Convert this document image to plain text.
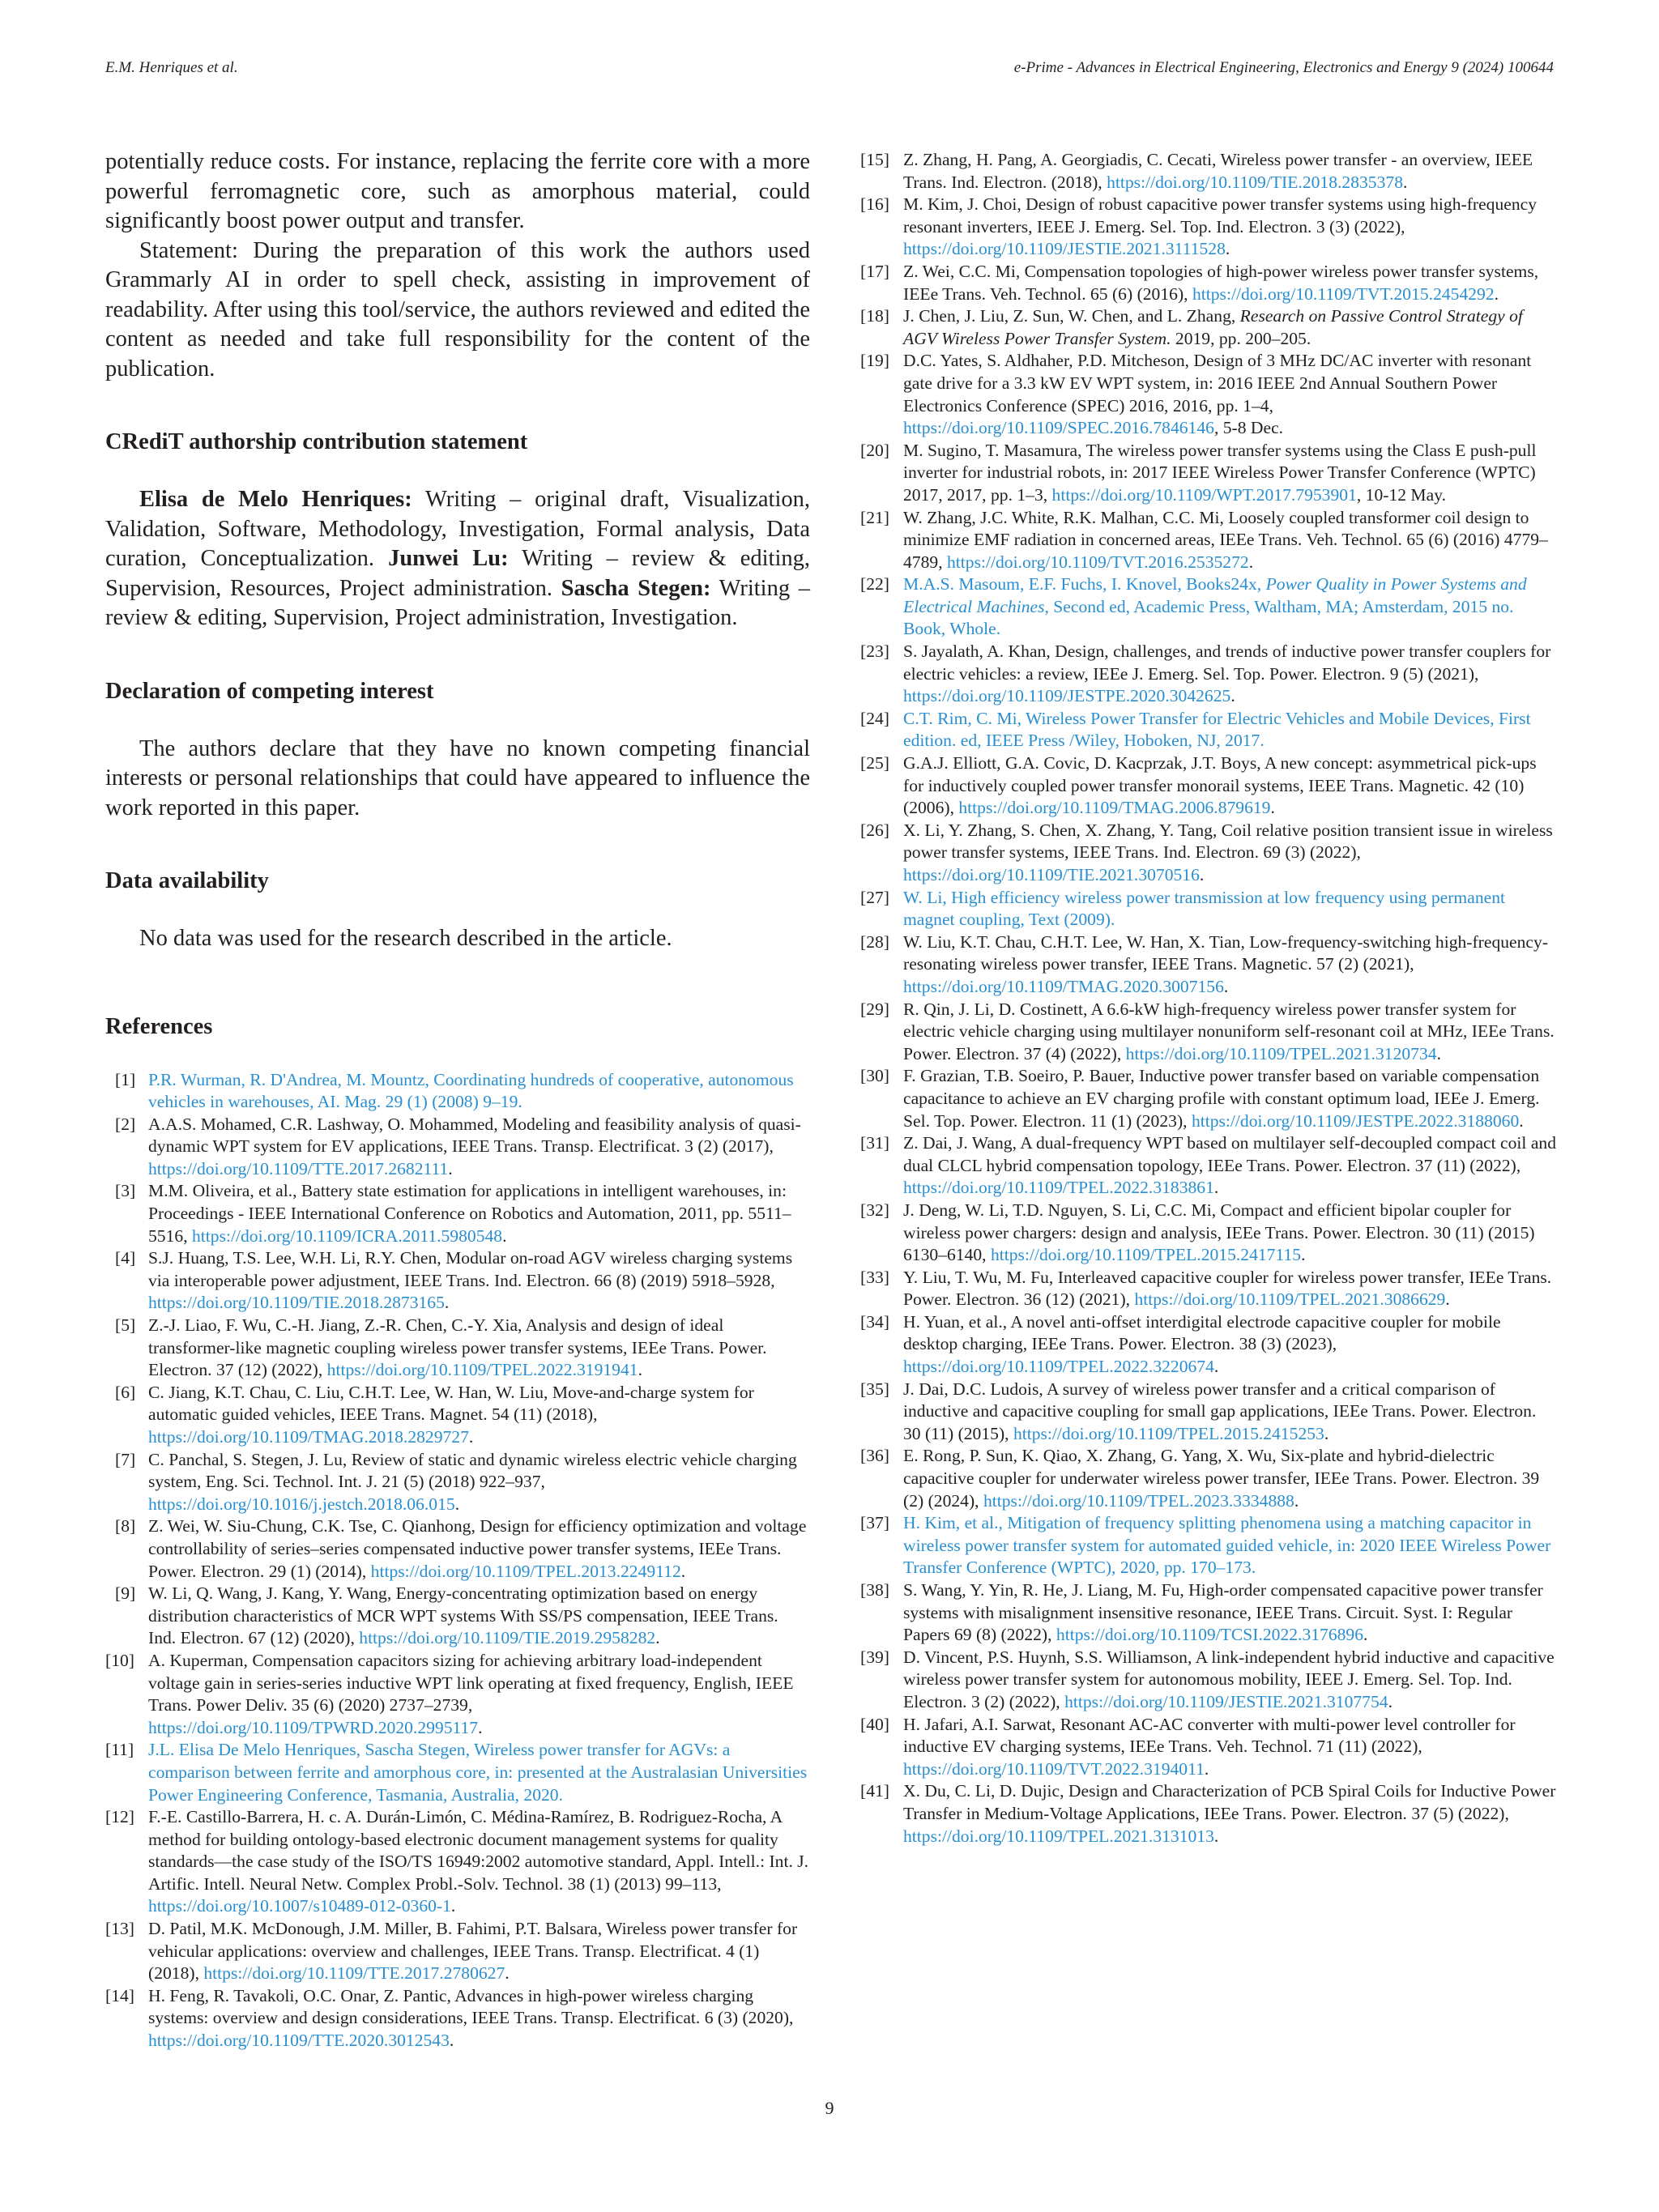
E.M. Henriques et al.	e-Prime - Advances in Electrical Engineering, Electronics and Energy 9 (2024) 100644

potentially reduce costs. For instance, replacing the ferrite core with a more powerful ferromagnetic core, such as amorphous material, could significantly boost power output and transfer.

Statement: During the preparation of this work the authors used Grammarly AI in order to spell check, assisting in improvement of readability. After using this tool/service, the authors reviewed and edited the content as needed and take full responsibility for the content of the publication.

CRediT authorship contribution statement

Elisa de Melo Henriques: Writing – original draft, Visualization, Validation, Software, Methodology, Investigation, Formal analysis, Data curation, Conceptualization. Junwei Lu: Writing – review & editing, Supervision, Resources, Project administration. Sascha Stegen: Writing – review & editing, Supervision, Project administration, Investigation.

Declaration of competing interest

The authors declare that they have no known competing financial interests or personal relationships that could have appeared to influence the work reported in this paper.

Data availability

No data was used for the research described in the article.

References
[1] P.R. Wurman, R. D'Andrea, M. Mountz, Coordinating hundreds of cooperative, autonomous vehicles in warehouses, AI. Mag. 29 (1) (2008) 9–19.
[2] A.A.S. Mohamed, C.R. Lashway, O. Mohammed, Modeling and feasibility analysis of quasi-dynamic WPT system for EV applications, IEEE Trans. Transp. Electrificat. 3 (2) (2017), https://doi.org/10.1109/TTE.2017.2682111.
[3] M.M. Oliveira, et al., Battery state estimation for applications in intelligent warehouses, in: Proceedings - IEEE International Conference on Robotics and Automation, 2011, pp. 5511–5516, https://doi.org/10.1109/ICRA.2011.5980548.
[4] S.J. Huang, T.S. Lee, W.H. Li, R.Y. Chen, Modular on-road AGV wireless charging systems via interoperable power adjustment, IEEE Trans. Ind. Electron. 66 (8) (2019) 5918–5928, https://doi.org/10.1109/TIE.2018.2873165.
[5] Z.-J. Liao, F. Wu, C.-H. Jiang, Z.-R. Chen, C.-Y. Xia, Analysis and design of ideal transformer-like magnetic coupling wireless power transfer systems, IEEe Trans. Power. Electron. 37 (12) (2022), https://doi.org/10.1109/TPEL.2022.3191941.
[6] C. Jiang, K.T. Chau, C. Liu, C.H.T. Lee, W. Han, W. Liu, Move-and-charge system for automatic guided vehicles, IEEE Trans. Magnet. 54 (11) (2018), https://doi.org/10.1109/TMAG.2018.2829727.
[7] C. Panchal, S. Stegen, J. Lu, Review of static and dynamic wireless electric vehicle charging system, Eng. Sci. Technol. Int. J. 21 (5) (2018) 922–937, https://doi.org/10.1016/j.jestch.2018.06.015.
[8] Z. Wei, W. Siu-Chung, C.K. Tse, C. Qianhong, Design for efficiency optimization and voltage controllability of series–series compensated inductive power transfer systems, IEEe Trans. Power. Electron. 29 (1) (2014), https://doi.org/10.1109/TPEL.2013.2249112.
[9] W. Li, Q. Wang, J. Kang, Y. Wang, Energy-concentrating optimization based on energy distribution characteristics of MCR WPT systems With SS/PS compensation, IEEE Trans. Ind. Electron. 67 (12) (2020), https://doi.org/10.1109/TIE.2019.2958282.
[10] A. Kuperman, Compensation capacitors sizing for achieving arbitrary load-independent voltage gain in series-series inductive WPT link operating at fixed frequency, English, IEEE Trans. Power Deliv. 35 (6) (2020) 2737–2739, https://doi.org/10.1109/TPWRD.2020.2995117.
[11] J.L. Elisa De Melo Henriques, Sascha Stegen, Wireless power transfer for AGVs: a comparison between ferrite and amorphous core, in: presented at the Australasian Universities Power Engineering Conference, Tasmania, Australia, 2020.
[12] F.-E. Castillo-Barrera, H. c. A. Durán-Limón, C. Médina-Ramírez, B. Rodriguez-Rocha, A method for building ontology-based electronic document management systems for quality standards—the case study of the ISO/TS 16949:2002 automotive standard, Appl. Intell.: Int. J. Artific. Intell. Neural Netw. Complex Probl.-Solv. Technol. 38 (1) (2013) 99–113, https://doi.org/10.1007/s10489-012-0360-1.
[13] D. Patil, M.K. McDonough, J.M. Miller, B. Fahimi, P.T. Balsara, Wireless power transfer for vehicular applications: overview and challenges, IEEE Trans. Transp. Electrificat. 4 (1) (2018), https://doi.org/10.1109/TTE.2017.2780627.
[14] H. Feng, R. Tavakoli, O.C. Onar, Z. Pantic, Advances in high-power wireless charging systems: overview and design considerations, IEEE Trans. Transp. Electrificat. 6 (3) (2020), https://doi.org/10.1109/TTE.2020.3012543.
[15] Z. Zhang, H. Pang, A. Georgiadis, C. Cecati, Wireless power transfer - an overview, IEEE Trans. Ind. Electron. (2018), https://doi.org/10.1109/TIE.2018.2835378.
[16] M. Kim, J. Choi, Design of robust capacitive power transfer systems using high-frequency resonant inverters, IEEE J. Emerg. Sel. Top. Ind. Electron. 3 (3) (2022), https://doi.org/10.1109/JESTIE.2021.3111528.
[17] Z. Wei, C.C. Mi, Compensation topologies of high-power wireless power transfer systems, IEEe Trans. Veh. Technol. 65 (6) (2016), https://doi.org/10.1109/TVT.2015.2454292.
[18] J. Chen, J. Liu, Z. Sun, W. Chen, and L. Zhang, Research on Passive Control Strategy of AGV Wireless Power Transfer System. 2019, pp. 200–205.
[19] D.C. Yates, S. Aldhaher, P.D. Mitcheson, Design of 3 MHz DC/AC inverter with resonant gate drive for a 3.3 kW EV WPT system, in: 2016 IEEE 2nd Annual Southern Power Electronics Conference (SPEC) 2016, 2016, pp. 1–4, https://doi.org/10.1109/SPEC.2016.7846146, 5-8 Dec.
[20] M. Sugino, T. Masamura, The wireless power transfer systems using the Class E push-pull inverter for industrial robots, in: 2017 IEEE Wireless Power Transfer Conference (WPTC) 2017, 2017, pp. 1–3, https://doi.org/10.1109/WPT.2017.7953901, 10-12 May.
[21] W. Zhang, J.C. White, R.K. Malhan, C.C. Mi, Loosely coupled transformer coil design to minimize EMF radiation in concerned areas, IEEe Trans. Veh. Technol. 65 (6) (2016) 4779–4789, https://doi.org/10.1109/TVT.2016.2535272.
[22] M.A.S. Masoum, E.F. Fuchs, I. Knovel, Books24x, Power Quality in Power Systems and Electrical Machines, Second ed, Academic Press, Waltham, MA; Amsterdam, 2015 no. Book, Whole.
[23] S. Jayalath, A. Khan, Design, challenges, and trends of inductive power transfer couplers for electric vehicles: a review, IEEe J. Emerg. Sel. Top. Power. Electron. 9 (5) (2021), https://doi.org/10.1109/JESTPE.2020.3042625.
[24] C.T. Rim, C. Mi, Wireless Power Transfer for Electric Vehicles and Mobile Devices, First edition. ed, IEEE Press /Wiley, Hoboken, NJ, 2017.
[25] G.A.J. Elliott, G.A. Covic, D. Kacprzak, J.T. Boys, A new concept: asymmetrical pick-ups for inductively coupled power transfer monorail systems, IEEE Trans. Magnetic. 42 (10) (2006), https://doi.org/10.1109/TMAG.2006.879619.
[26] X. Li, Y. Zhang, S. Chen, X. Zhang, Y. Tang, Coil relative position transient issue in wireless power transfer systems, IEEE Trans. Ind. Electron. 69 (3) (2022), https://doi.org/10.1109/TIE.2021.3070516.
[27] W. Li, High efficiency wireless power transmission at low frequency using permanent magnet coupling, Text (2009).
[28] W. Liu, K.T. Chau, C.H.T. Lee, W. Han, X. Tian, Low-frequency-switching high-frequency-resonating wireless power transfer, IEEE Trans. Magnetic. 57 (2) (2021), https://doi.org/10.1109/TMAG.2020.3007156.
[29] R. Qin, J. Li, D. Costinett, A 6.6-kW high-frequency wireless power transfer system for electric vehicle charging using multilayer nonuniform self-resonant coil at MHz, IEEe Trans. Power. Electron. 37 (4) (2022), https://doi.org/10.1109/TPEL.2021.3120734.
[30] F. Grazian, T.B. Soeiro, P. Bauer, Inductive power transfer based on variable compensation capacitance to achieve an EV charging profile with constant optimum load, IEEe J. Emerg. Sel. Top. Power. Electron. 11 (1) (2023), https://doi.org/10.1109/JESTPE.2022.3188060.
[31] Z. Dai, J. Wang, A dual-frequency WPT based on multilayer self-decoupled compact coil and dual CLCL hybrid compensation topology, IEEe Trans. Power. Electron. 37 (11) (2022), https://doi.org/10.1109/TPEL.2022.3183861.
[32] J. Deng, W. Li, T.D. Nguyen, S. Li, C.C. Mi, Compact and efficient bipolar coupler for wireless power chargers: design and analysis, IEEe Trans. Power. Electron. 30 (11) (2015) 6130–6140, https://doi.org/10.1109/TPEL.2015.2417115.
[33] Y. Liu, T. Wu, M. Fu, Interleaved capacitive coupler for wireless power transfer, IEEe Trans. Power. Electron. 36 (12) (2021), https://doi.org/10.1109/TPEL.2021.3086629.
[34] H. Yuan, et al., A novel anti-offset interdigital electrode capacitive coupler for mobile desktop charging, IEEe Trans. Power. Electron. 38 (3) (2023), https://doi.org/10.1109/TPEL.2022.3220674.
[35] J. Dai, D.C. Ludois, A survey of wireless power transfer and a critical comparison of inductive and capacitive coupling for small gap applications, IEEe Trans. Power. Electron. 30 (11) (2015), https://doi.org/10.1109/TPEL.2015.2415253.
[36] E. Rong, P. Sun, K. Qiao, X. Zhang, G. Yang, X. Wu, Six-plate and hybrid-dielectric capacitive coupler for underwater wireless power transfer, IEEe Trans. Power. Electron. 39 (2) (2024), https://doi.org/10.1109/TPEL.2023.3334888.
[37] H. Kim, et al., Mitigation of frequency splitting phenomena using a matching capacitor in wireless power transfer system for automated guided vehicle, in: 2020 IEEE Wireless Power Transfer Conference (WPTC), 2020, pp. 170–173.
[38] S. Wang, Y. Yin, R. He, J. Liang, M. Fu, High-order compensated capacitive power transfer systems with misalignment insensitive resonance, IEEE Trans. Circuit. Syst. I: Regular Papers 69 (8) (2022), https://doi.org/10.1109/TCSI.2022.3176896.
[39] D. Vincent, P.S. Huynh, S.S. Williamson, A link-independent hybrid inductive and capacitive wireless power transfer system for autonomous mobility, IEEE J. Emerg. Sel. Top. Ind. Electron. 3 (2) (2022), https://doi.org/10.1109/JESTIE.2021.3107754.
[40] H. Jafari, A.I. Sarwat, Resonant AC-AC converter with multi-power level controller for inductive EV charging systems, IEEe Trans. Veh. Technol. 71 (11) (2022), https://doi.org/10.1109/TVT.2022.3194011.
[41] X. Du, C. Li, D. Dujic, Design and Characterization of PCB Spiral Coils for Inductive Power Transfer in Medium-Voltage Applications, IEEe Trans. Power. Electron. 37 (5) (2022), https://doi.org/10.1109/TPEL.2021.3131013.
9
